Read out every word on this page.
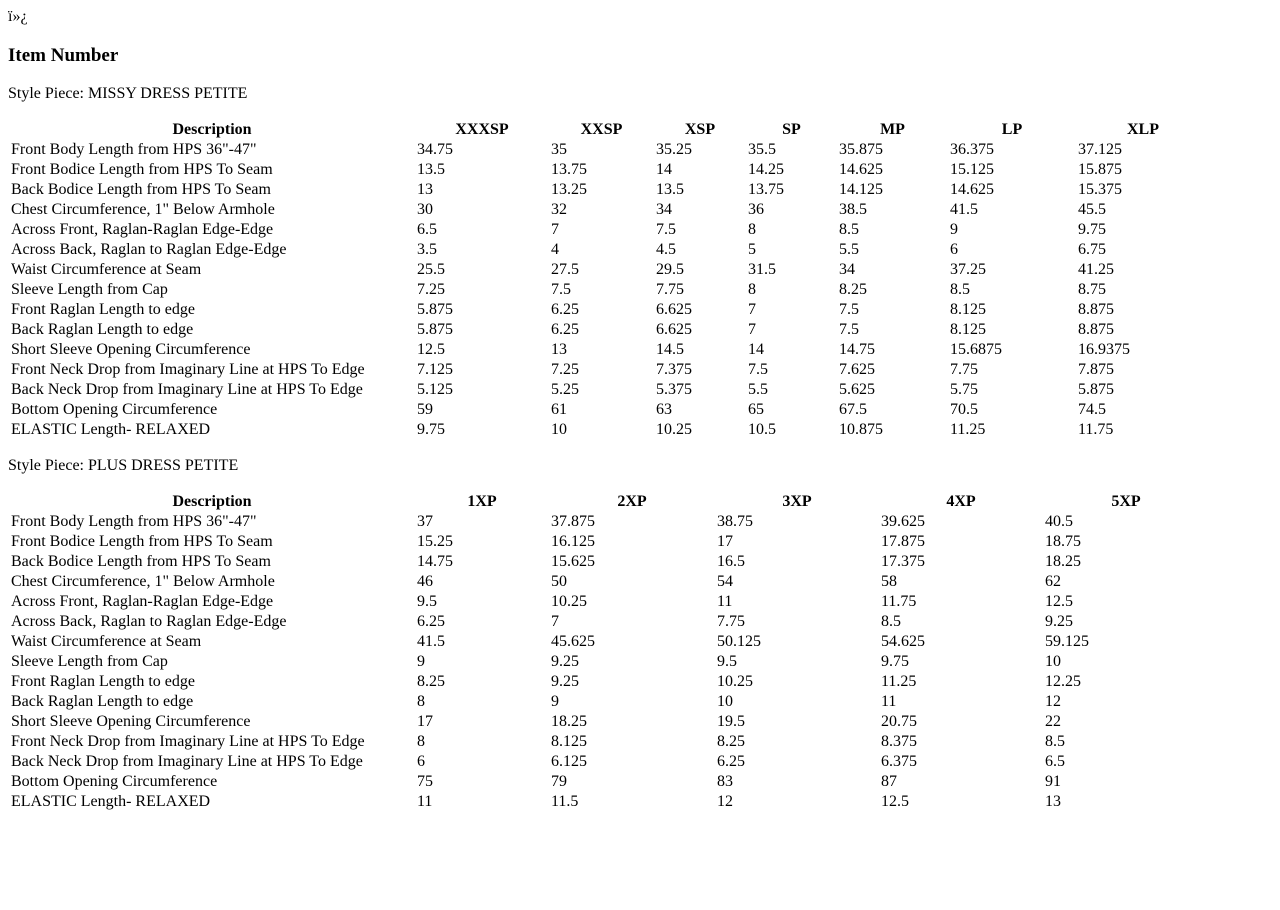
ï»¿
Item Number

Style Piece: MISSY DRESS PETITE

Description	XXXSP	XXSP	XSP	SP	MP	LP	XLP
Front Body Length from HPS 36"-47"	34.75	35	35.25	35.5	35.875	36.375	37.125
Front Bodice Length from HPS To Seam	13.5	13.75	14	14.25	14.625	15.125	15.875
Back Bodice Length from HPS To Seam	13	13.25	13.5	13.75	14.125	14.625	15.375
Chest Circumference, 1" Below Armhole	30	32	34	36	38.5	41.5	45.5
Across Front, Raglan-Raglan Edge-Edge	6.5	7	7.5	8	8.5	9	9.75
Across Back, Raglan to Raglan Edge-Edge	3.5	4	4.5	5	5.5	6	6.75
Waist Circumference at Seam	25.5	27.5	29.5	31.5	34	37.25	41.25
Sleeve Length from Cap	7.25	7.5	7.75	8	8.25	8.5	8.75
Front Raglan Length to edge	5.875	6.25	6.625	7	7.5	8.125	8.875
Back Raglan Length to edge	5.875	6.25	6.625	7	7.5	8.125	8.875
Short Sleeve Opening Circumference	12.5	13	14.5	14	14.75	15.6875	16.9375
Front Neck Drop from Imaginary Line at HPS To Edge	7.125	7.25	7.375	7.5	7.625	7.75	7.875
Back Neck Drop from Imaginary Line at HPS To Edge	5.125	5.25	5.375	5.5	5.625	5.75	5.875
Bottom Opening Circumference	59	61	63	65	67.5	70.5	74.5
ELASTIC Length- RELAXED	9.75	10	10.25	10.5	10.875	11.25	11.75

Style Piece: PLUS DRESS PETITE

Description	1XP	2XP	3XP	4XP	5XP
Front Body Length from HPS 36"-47"	37	37.875	38.75	39.625	40.5
Front Bodice Length from HPS To Seam	15.25	16.125	17	17.875	18.75
Back Bodice Length from HPS To Seam	14.75	15.625	16.5	17.375	18.25
Chest Circumference, 1" Below Armhole	46	50	54	58	62
Across Front, Raglan-Raglan Edge-Edge	9.5	10.25	11	11.75	12.5
Across Back, Raglan to Raglan Edge-Edge	6.25	7	7.75	8.5	9.25
Waist Circumference at Seam	41.5	45.625	50.125	54.625	59.125
Sleeve Length from Cap	9	9.25	9.5	9.75	10
Front Raglan Length to edge	8.25	9.25	10.25	11.25	12.25
Back Raglan Length to edge	8	9	10	11	12
Short Sleeve Opening Circumference	17	18.25	19.5	20.75	22
Front Neck Drop from Imaginary Line at HPS To Edge	8	8.125	8.25	8.375	8.5
Back Neck Drop from Imaginary Line at HPS To Edge	6	6.125	6.25	6.375	6.5
Bottom Opening Circumference	75	79	83	87	91
ELASTIC Length- RELAXED	11	11.5	12	12.5	13
